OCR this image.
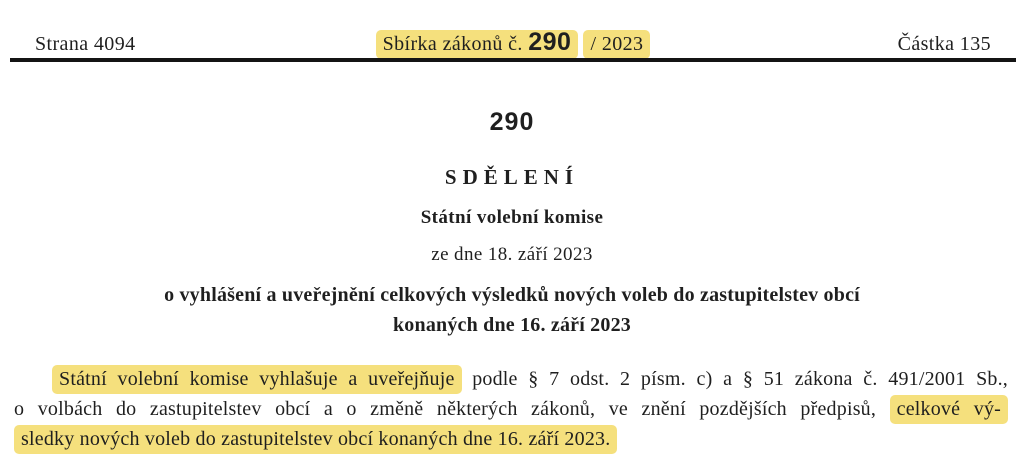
Strana 4094	Sbírka zákonů č. 290 / 2023	Částka 135
290
SDĚLENÍ
Státní volební komise
ze dne 18. září 2023
o vyhlášení a uveřejnění celkových výsledků nových voleb do zastupitelstev obcí
konaných dne 16. září 2023
Státní volební komise vyhlašuje a uveřejňuje podle § 7 odst. 2 písm. c) a § 51 zákona č. 491/2001 Sb.,
o volbách do zastupitelstev obcí a o změně některých zákonů, ve znění pozdějších předpisů, celkové vý-
sledky nových voleb do zastupitelstev obcí konaných dne 16. září 2023.
